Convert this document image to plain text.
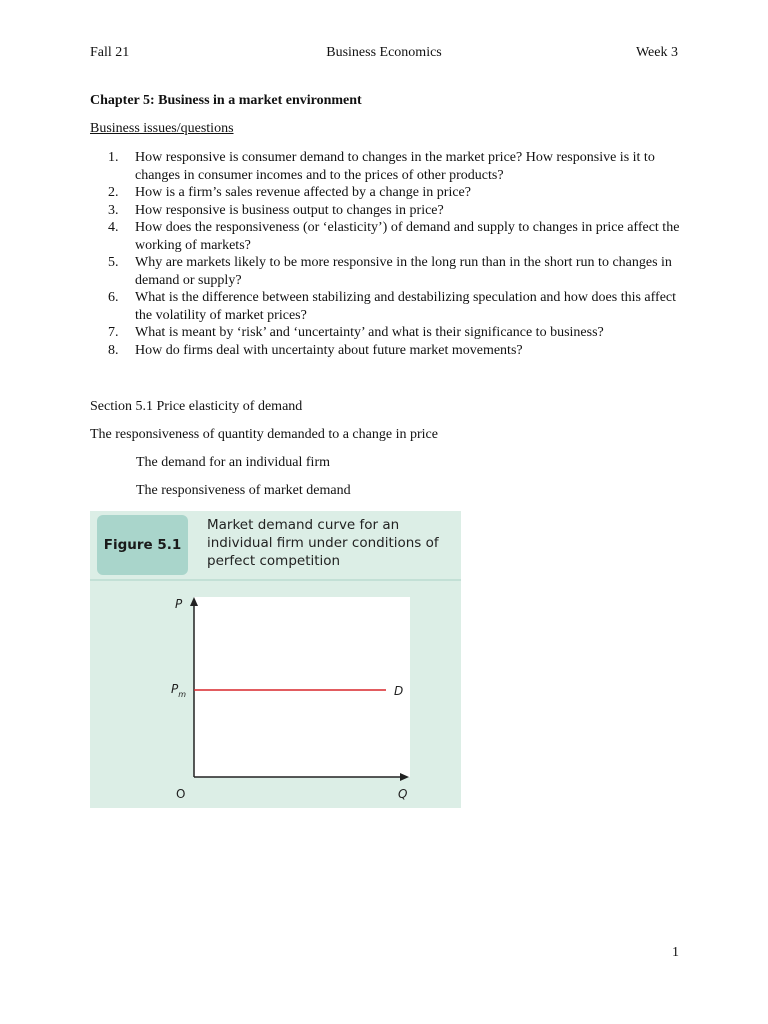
Fall 21	Business Economics	Week 3
Chapter 5: Business in a market environment
Business issues/questions
1. How responsive is consumer demand to changes in the market price? How responsive is it to changes in consumer incomes and to the prices of other products?
2. How is a firm’s sales revenue affected by a change in price?
3. How responsive is business output to changes in price?
4. How does the responsiveness (or ‘elasticity’) of demand and supply to changes in price affect the working of markets?
5. Why are markets likely to be more responsive in the long run than in the short run to changes in demand or supply?
6. What is the difference between stabilizing and destabilizing speculation and how does this affect the volatility of market prices?
7. What is meant by ‘risk’ and ‘uncertainty’ and what is their significance to business?
8. How do firms deal with uncertainty about future market movements?
Section 5.1 Price elasticity of demand
The responsiveness of quantity demanded to a change in price
The demand for an individual firm
The responsiveness of market demand
Figure 5.1
Market demand curve for an individual firm under conditions of perfect competition
P
$P_m$
O	Q
D
1
